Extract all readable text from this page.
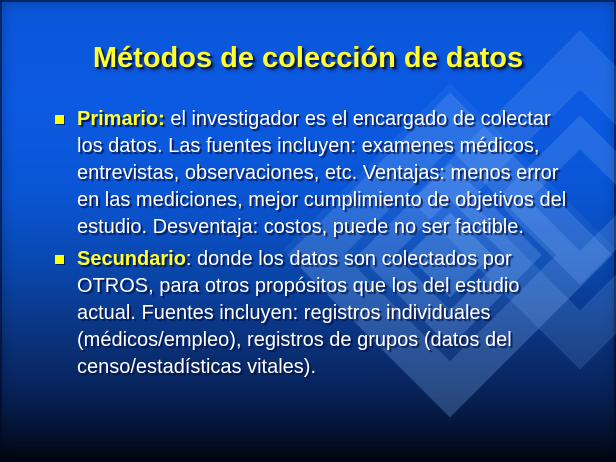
Métodos de colección de datos
Primario: el investigador es el encargado de colectar los datos. Las fuentes incluyen: examenes médicos, entrevistas, observaciones, etc. Ventajas: menos error en las mediciones, mejor cumplimiento de objetivos del estudio. Desventaja: costos, puede no ser factible.
Secundario: donde los datos son colectados por OTROS, para otros propósitos que los del estudio actual. Fuentes incluyen: registros individuales (médicos/empleo), registros de grupos (datos del censo/estadísticas vitales).
